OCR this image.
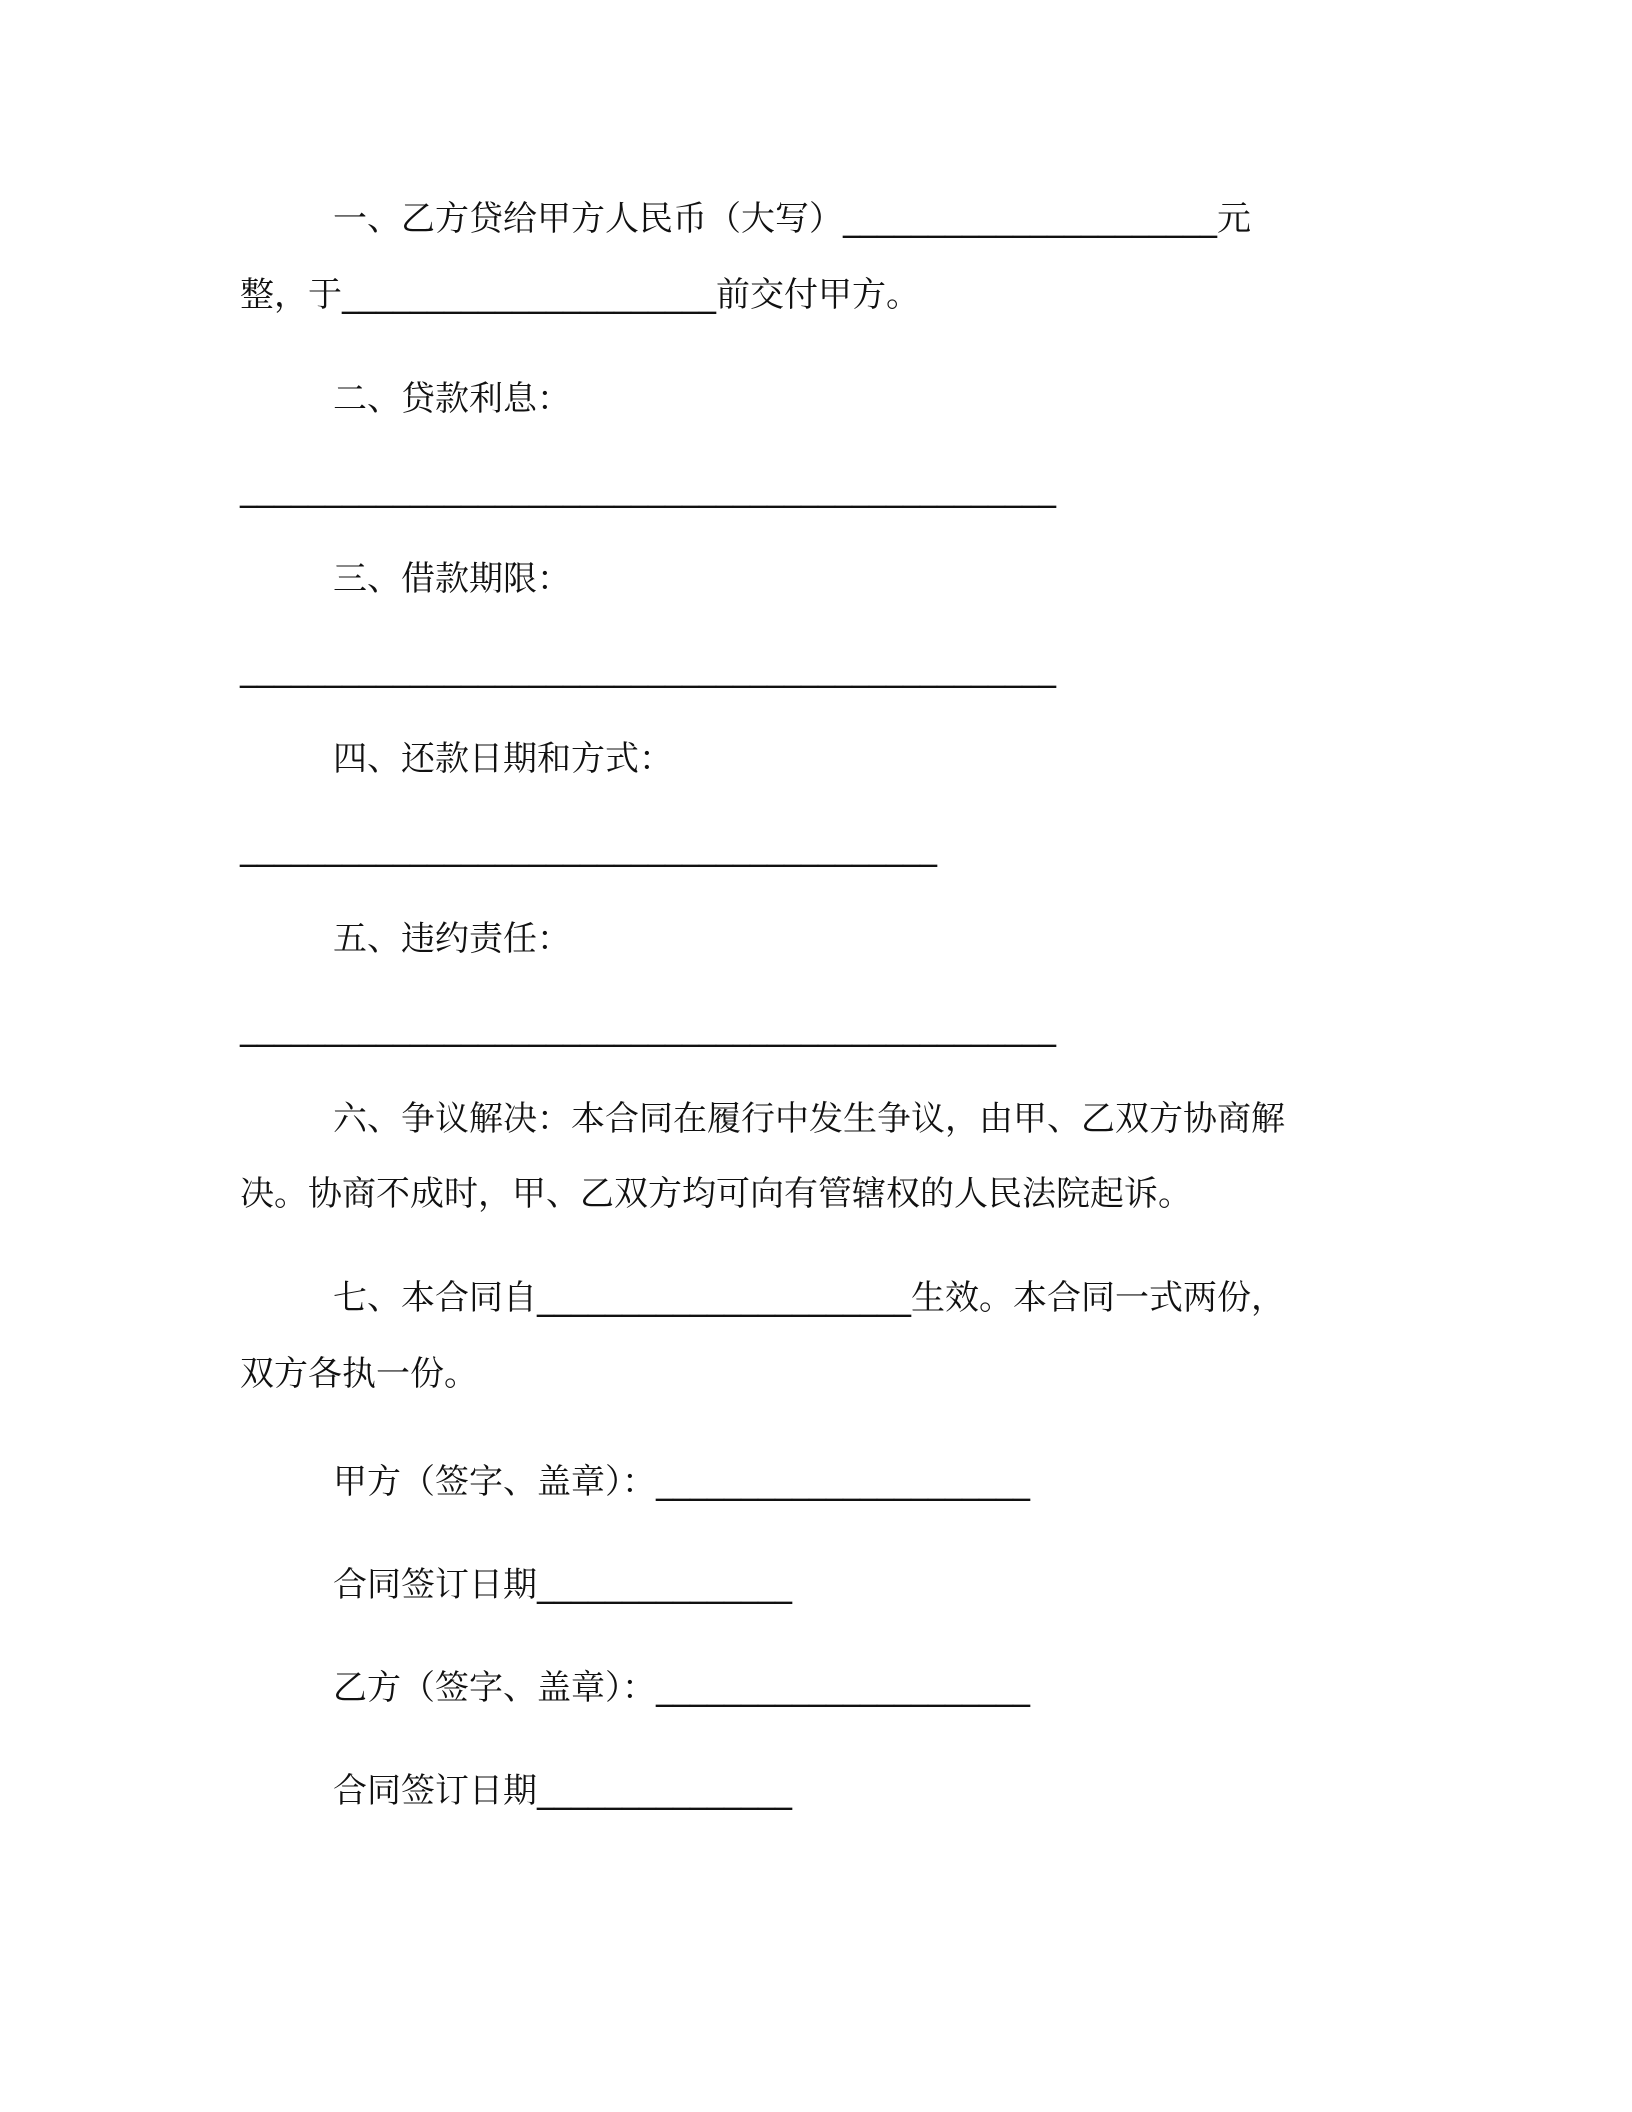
一、乙方贷给甲方人民币（大写）______________________元
整，于______________________前交付甲方。
二、贷款利息：
________________________________________________
三、借款期限：
________________________________________________
四、还款日期和方式：
_________________________________________
五、违约责任：
________________________________________________
六、争议解决：本合同在履行中发生争议，由甲、乙双方协商解
决。协商不成时，甲、乙双方均可向有管辖权的人民法院起诉。
七、本合同自______________________生效。本合同一式两份，
双方各执一份。
甲方（签字、盖章）：______________________
合同签订日期_______________
乙方（签字、盖章）：______________________
合同签订日期_______________
